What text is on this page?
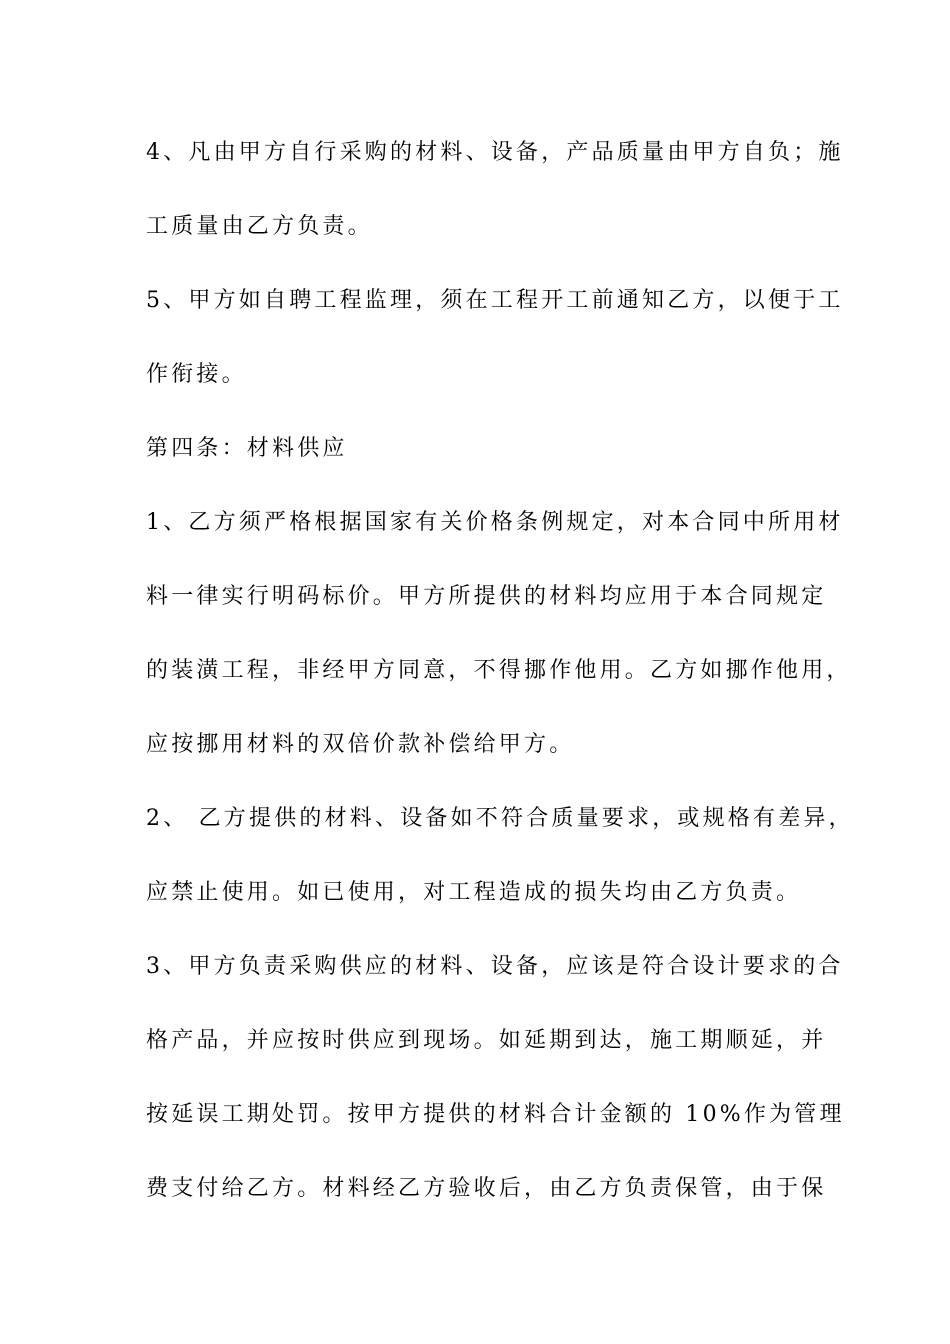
4、凡由甲方自行采购的材料、设备，产品质量由甲方自负；施

工质量由乙方负责。

5、甲方如自聘工程监理，须在工程开工前通知乙方，以便于工

作衔接。

第四条：材料供应

1、乙方须严格根据国家有关价格条例规定，对本合同中所用材

料一律实行明码标价。甲方所提供的材料均应用于本合同规定

的装潢工程，非经甲方同意，不得挪作他用。乙方如挪作他用，

应按挪用材料的双倍价款补偿给甲方。

2、 乙方提供的材料、设备如不符合质量要求，或规格有差异，

应禁止使用。如已使用，对工程造成的损失均由乙方负责。

3、甲方负责采购供应的材料、设备，应该是符合设计要求的合

格产品，并应按时供应到现场。如延期到达，施工期顺延，并

按延误工期处罚。按甲方提供的材料合计金额的 10%作为管理

费支付给乙方。材料经乙方验收后，由乙方负责保管，由于保
